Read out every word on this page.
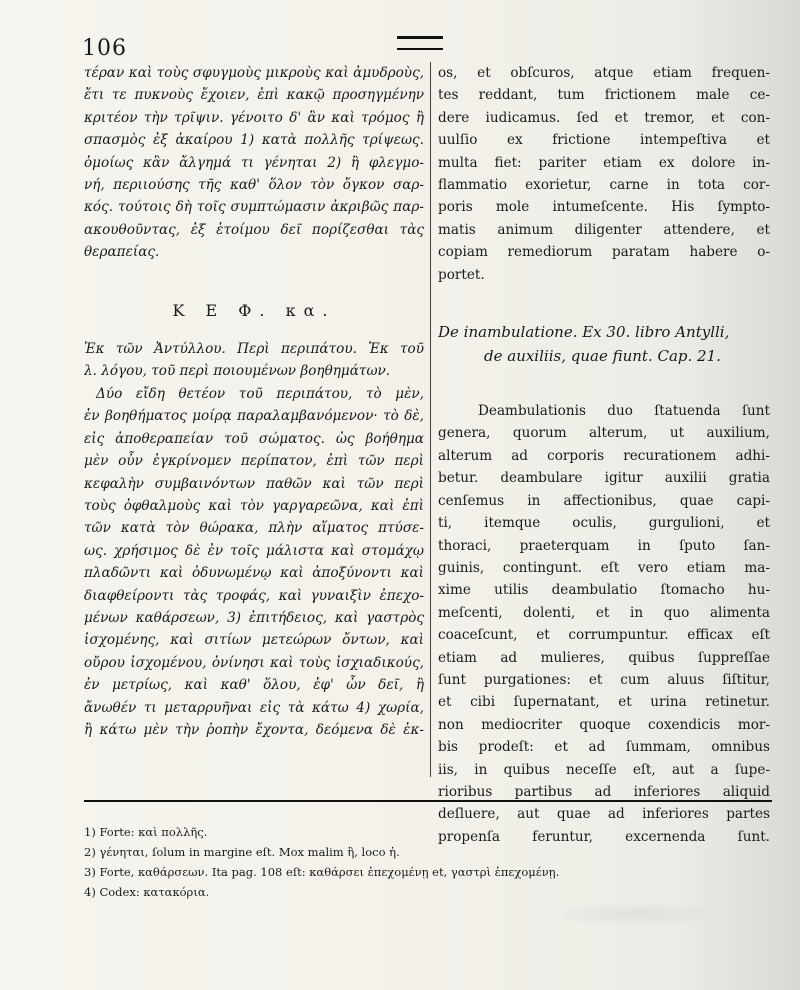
106
τέραν καὶ τοὺς σφυγμοὺς μικροὺς καὶ ἀμυδροὺς,
ἔτι τε πυκνοὺς ἔχοιεν, ἐπὶ κακῷ προσηγμένην
κριτέον τὴν τρῖψιν. γένοιτο δ' ἂν καὶ τρόμος ἢ
σπασμὸς ἐξ ἀκαίρου 1) κατὰ πολλῆς τρίψεως.
ὁμοίως κἂν ἄλγημά τι γένηται 2) ἢ φλεγμο-
νή, περιιούσης τῆς καθ' ὅλον τὸν ὄγκον σαρ-
κός. τούτοις δὴ τοῖς συμπτώμασιν ἀκριβῶς παρ-
ακουθοῦντας, ἐξ ἑτοίμου δεῖ πορίζεσθαι τὰς
θεραπείας.
Κ Ε Φ. κα.
Ἐκ τῶν Ἀντύλλου. Περὶ περιπάτου. Ἐκ τοῦ
λ. λόγου, τοῦ περὶ ποιουμένων βοηθημάτων.
Δύο εἴδη θετέον τοῦ περιπάτου, τὸ μὲν,
ἐν βοηθήματος μοίρᾳ παραλαμβανόμενον· τὸ δὲ,
εἰς ἀποθεραπείαν τοῦ σώματος. ὡς βοήθημα
μὲν οὖν ἐγκρίνομεν περίπατον, ἐπὶ τῶν περὶ
κεφαλὴν συμβαινόντων παθῶν καὶ τῶν περὶ
τοὺς ὀφθαλμοὺς καὶ τὸν γαργαρεῶνα, καὶ ἐπὶ
τῶν κατὰ τὸν θώρακα, πλὴν αἵματος πτύσε-
ως. χρήσιμος δὲ ἐν τοῖς μάλιστα καὶ στομάχῳ
πλαδῶντι καὶ ὀδυνωμένῳ καὶ ἀποξύνοντι καὶ
διαφθείροντι τὰς τροφάς, καὶ γυναιξὶν ἐπεχο-
μένων καθάρσεων, 3) ἐπιτήδειος, καὶ γαστρὸς
ἰσχομένης, καὶ σιτίων μετεώρων ὄντων, καὶ
οὔρου ἰσχομένου, ὀνίνησι καὶ τοὺς ἰσχιαδικούς,
ἐν μετρίως, καὶ καθ' ὅλου, ἐφ' ὧν δεῖ, ἢ
ἄνωθέν τι μεταρρυῆναι εἰς τὰ κάτω 4) χωρία,
ἢ κάτω μὲν τὴν ῥοπὴν ἔχοντα, δεόμενα δὲ ἐκ-
os, et obſcuros, atque etiam frequen-
tes reddant, tum frictionem male ce-
dere iudicamus. ſed et tremor, et con-
uulſio ex frictione intempeſtiva et
multa fiet: pariter etiam ex dolore in-
flammatio exorietur, carne in tota cor-
poris mole intumeſcente. His ſympto-
matis animum diligenter attendere, et
copiam remediorum paratam habere o-
portet.
De inambulatione. Ex 30. libro Antylli,
de auxiliis, quae fiunt. Cap. 21.
Deambulationis duo ſtatuenda ſunt
genera, quorum alterum, ut auxilium,
alterum ad corporis recurationem adhi-
betur. deambulare igitur auxilii gratia
cenſemus in affectionibus, quae capi-
ti, itemque oculis, gurgulioni, et
thoraci, praeterquam in ſputo ſan-
guinis, contingunt. eſt vero etiam ma-
xime utilis deambulatio ſtomacho hu-
meſcenti, dolenti, et in quo alimenta
coaceſcunt, et corrumpuntur. efficax eſt
etiam ad mulieres, quibus ſuppreſſae
ſunt purgationes: et cum aluus ſiſtitur,
et cibi ſupernatant, et urina retinetur.
non mediocriter quoque coxendicis mor-
bis prodeſt: et ad ſummam, omnibus
iis, in quibus neceſſe eſt, aut a ſupe-
rioribus partibus ad inferiores aliquid
deſluere, aut quae ad inferiores partes
propenſa feruntur, excernenda ſunt.
1) Forte: καὶ πολλῆς.
2) γένηται, ſolum in margine eſt. Mox malim ἢ, loco ἡ.
3) Forte, καθάρσεων. Ita pag. 108 eſt: καθάρσει ἐπεχομένῃ et, γαστρὶ ἐπεχομένῃ.
4) Codex: κατακόρια.
